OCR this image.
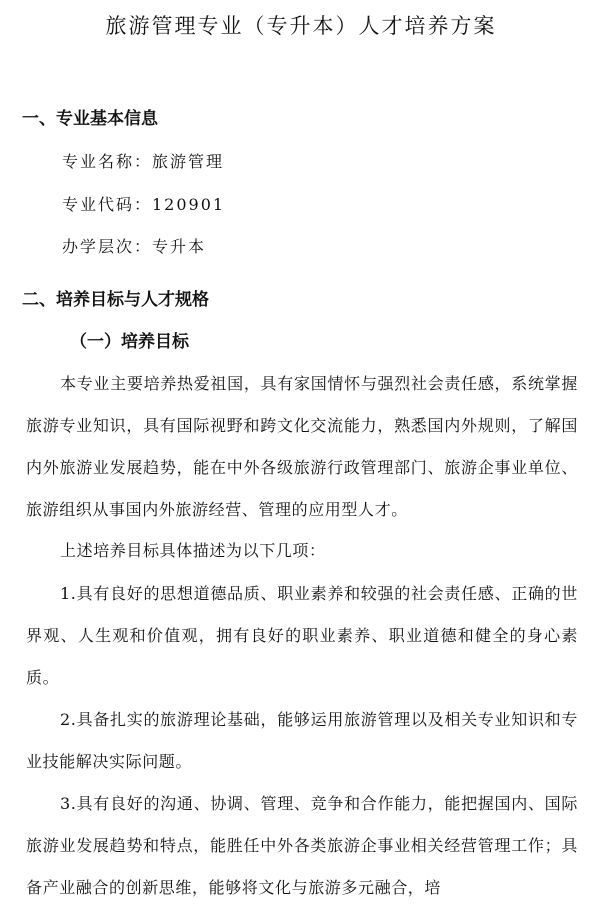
旅游管理专业（专升本）人才培养方案
一、专业基本信息
专业名称：旅游管理
专业代码：120901
办学层次：专升本
二、培养目标与人才规格
（一）培养目标
本专业主要培养热爱祖国，具有家国情怀与强烈社会责任感，系统掌握旅游专业知识，具有国际视野和跨文化交流能力，熟悉国内外规则，了解国内外旅游业发展趋势，能在中外各级旅游行政管理部门、旅游企事业单位、旅游组织从事国内外旅游经营、管理的应用型人才。
上述培养目标具体描述为以下几项：
1.具有良好的思想道德品质、职业素养和较强的社会责任感、正确的世界观、人生观和价值观，拥有良好的职业素养、职业道德和健全的身心素质。
2.具备扎实的旅游理论基础，能够运用旅游管理以及相关专业知识和专业技能解决实际问题。
3.具有良好的沟通、协调、管理、竞争和合作能力，能把握国内、国际旅游业发展趋势和特点，能胜任中外各类旅游企事业相关经营管理工作；具备产业融合的创新思维，能够将文化与旅游多元融合，培
